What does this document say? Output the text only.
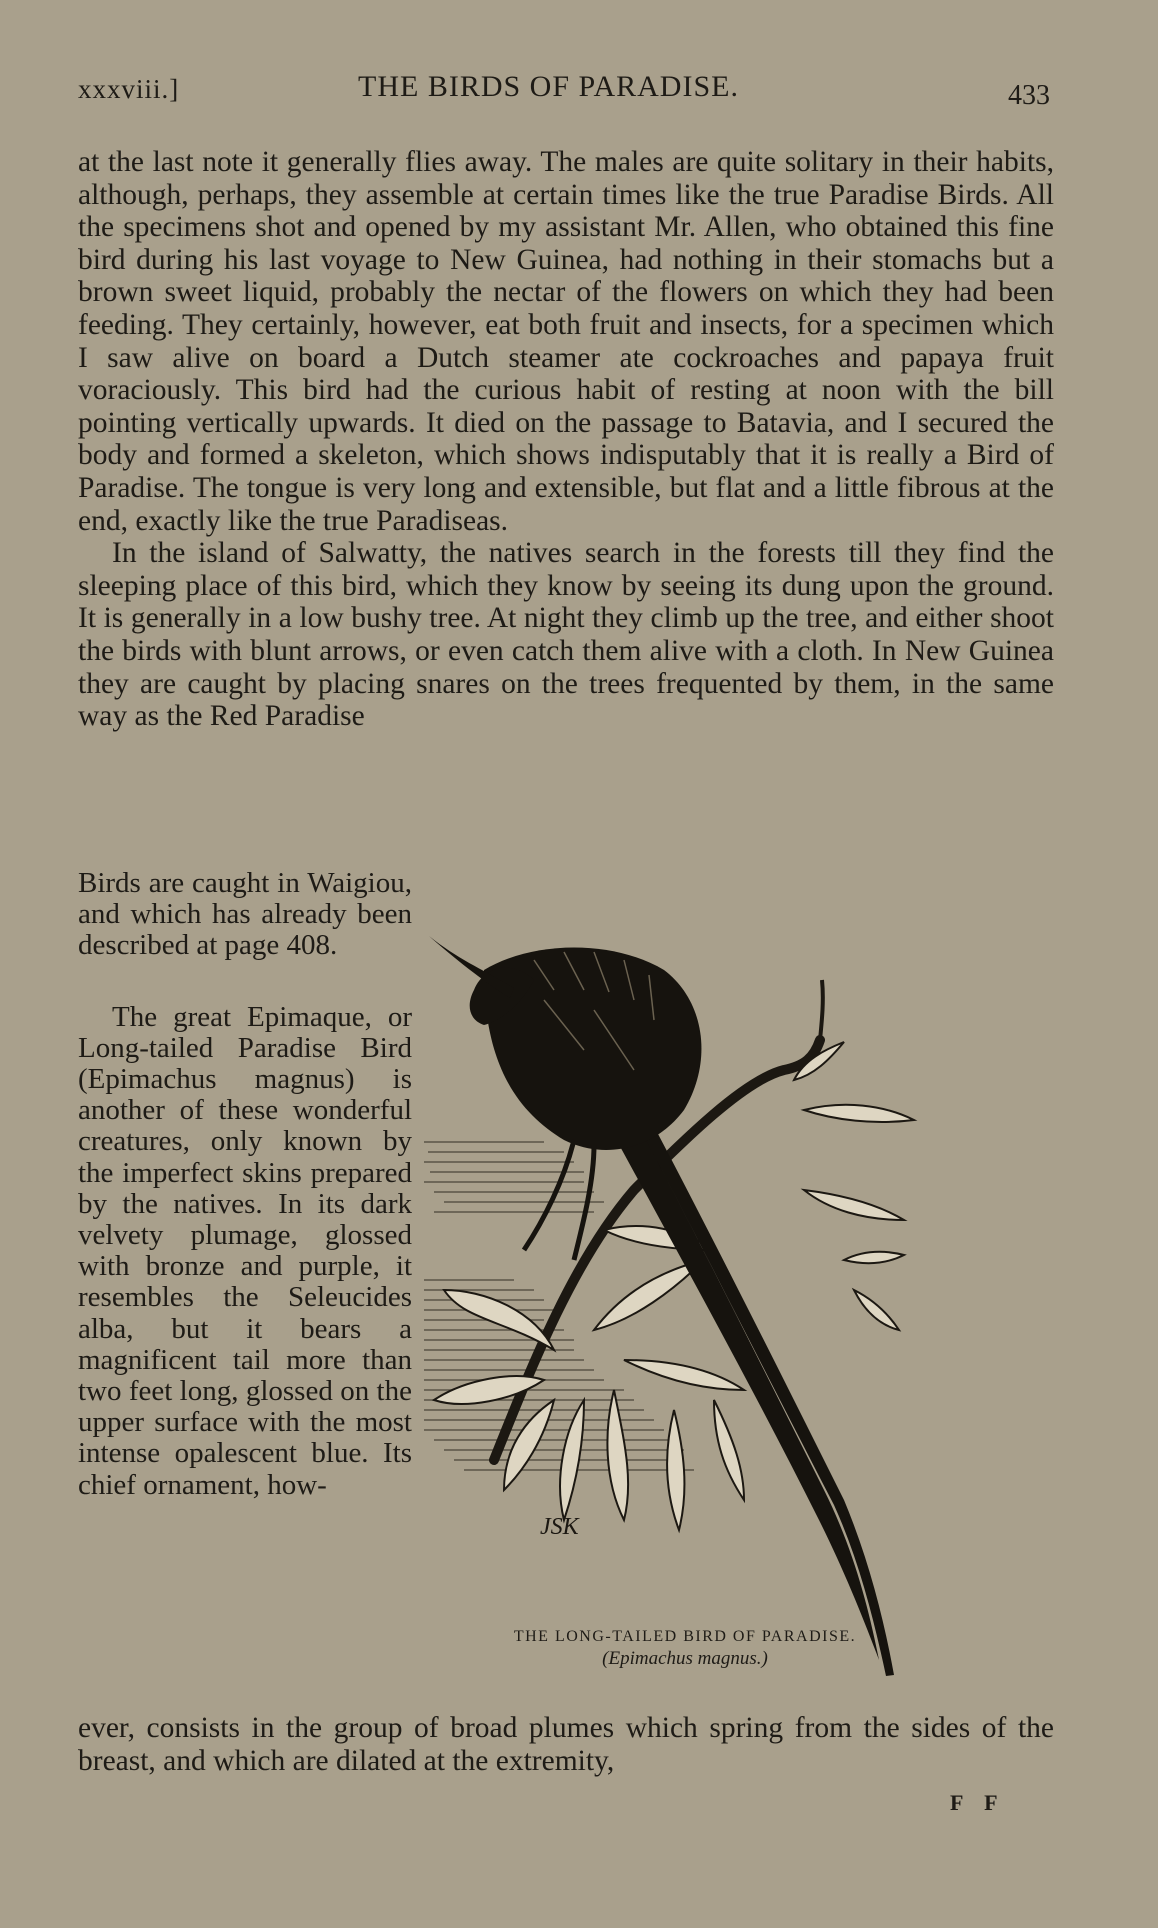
xxxviii.]	THE BIRDS OF PARADISE.	433

at the last note it generally flies away. The males are quite solitary in their habits, although, perhaps, they assemble at certain times like the true Paradise Birds. All the specimens shot and opened by my assistant Mr. Allen, who obtained this fine bird during his last voyage to New Guinea, had nothing in their stomachs but a brown sweet liquid, probably the nectar of the flowers on which they had been feeding. They certainly, however, eat both fruit and insects, for a specimen which I saw alive on board a Dutch steamer ate cockroaches and papaya fruit voraciously. This bird had the curious habit of resting at noon with the bill pointing vertically upwards. It died on the passage to Batavia, and I secured the body and formed a skeleton, which shows indisputably that it is really a Bird of Paradise. The tongue is very long and extensible, but flat and a little fibrous at the end, exactly like the true Paradiseas.

In the island of Salwatty, the natives search in the forests till they find the sleeping place of this bird, which they know by seeing its dung upon the ground. It is generally in a low bushy tree. At night they climb up the tree, and either shoot the birds with blunt arrows, or even catch them alive with a cloth. In New Guinea they are caught by placing snares on the trees frequented by them, in the same way as the Red Paradise

Birds are caught in Waigiou, and which has already been described at page 408.

The great Epimaque, or Long-tailed Paradise Bird (Epimachus magnus) is another of these wonderful creatures, only known by the imperfect skins prepared by the natives. In its dark velvety plumage, glossed with bronze and purple, it resembles the Seleucides alba, but it bears a magnificent tail more than two feet long, glossed on the upper surface with the most intense opalescent blue. Its chief ornament, how-

ever, consists in the group of broad plumes which spring from the sides of the breast, and which are dilated at the extremity,

JSK
THE LONG-TAILED BIRD OF PARADISE.
(Epimachus magnus.)
F F
